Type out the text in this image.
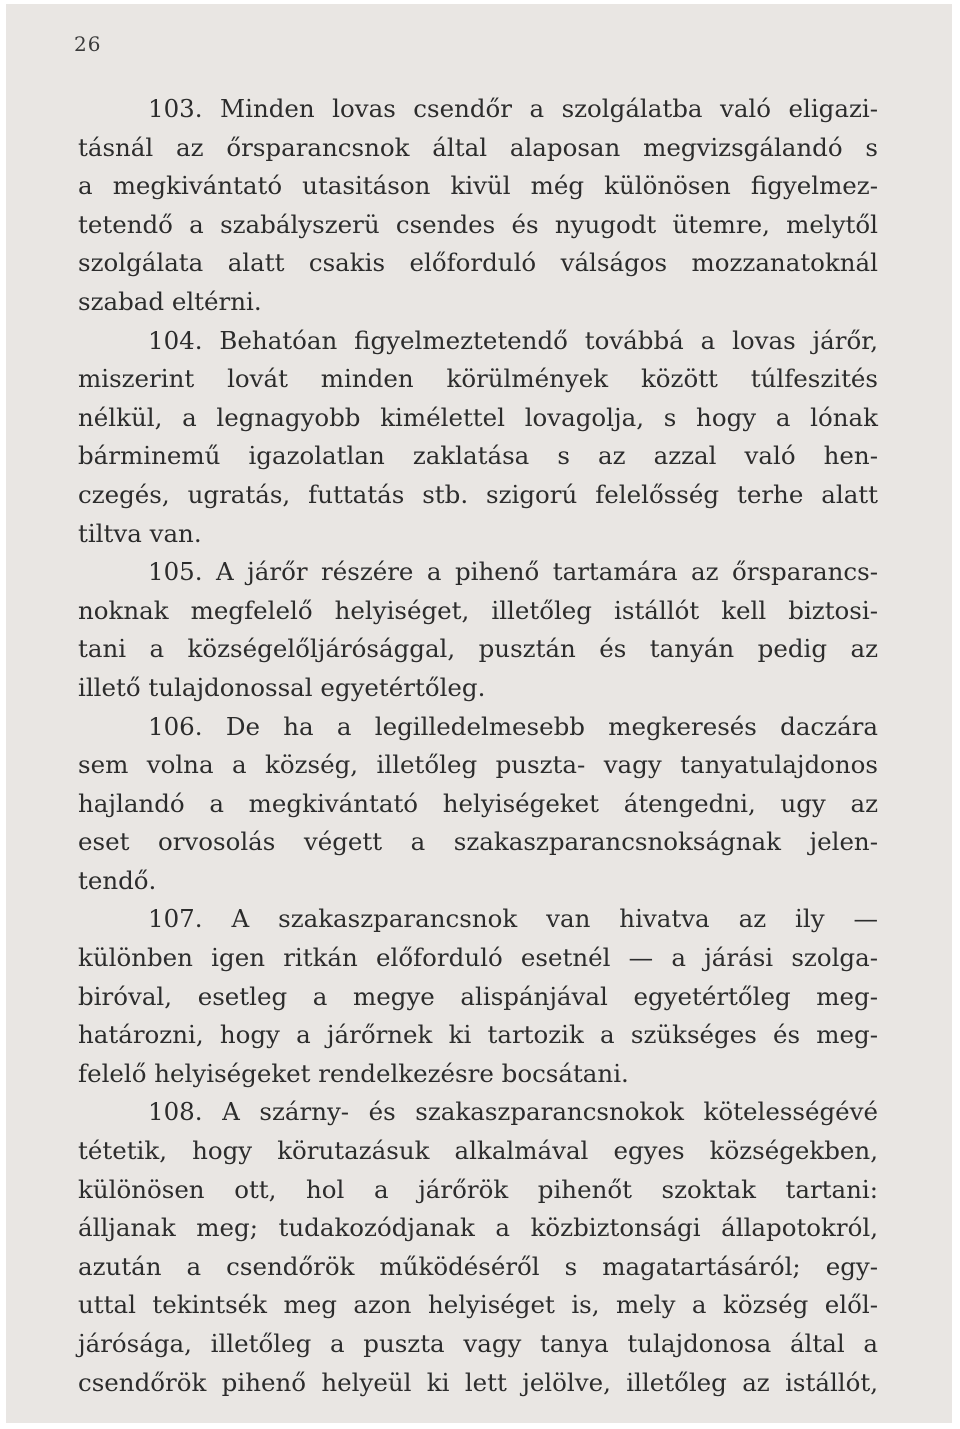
26
103. Minden lovas csendőr a szolgálatba való eligazi-
tásnál az őrsparancsnok által alaposan megvizsgálandó s
a megkivántató utasitáson kivül még különösen figyelmez-
tetendő a szabályszerü csendes és nyugodt ütemre, melytől
szolgálata alatt csakis előforduló válságos mozzanatoknál
szabad eltérni.
104. Behatóan figyelmeztetendő továbbá a lovas járőr,
miszerint lovát minden körülmények között túlfeszités
nélkül, a legnagyobb kimélettel lovagolja, s hogy a lónak
bárminemű igazolatlan zaklatása s az azzal való hen-
czegés, ugratás, futtatás stb. szigorú felelősség terhe alatt
tiltva van.
105. A járőr részére a pihenő tartamára az őrsparancs-
noknak megfelelő helyiséget, illetőleg istállót kell biztosi-
tani a községelőljárósággal, pusztán és tanyán pedig az
illető tulajdonossal egyetértőleg.
106. De ha a legilledelmesebb megkeresés daczára
sem volna a község, illetőleg puszta- vagy tanyatulajdonos
hajlandó a megkivántató helyiségeket átengedni, ugy az
eset orvosolás végett a szakaszparancsnokságnak jelen-
tendő.
107. A szakaszparancsnok van hivatva az ily —
különben igen ritkán előforduló esetnél — a járási szolga-
biróval, esetleg a megye alispánjával egyetértőleg meg-
határozni, hogy a járőrnek ki tartozik a szükséges és meg-
felelő helyiségeket rendelkezésre bocsátani.
108. A szárny- és szakaszparancsnokok kötelességévé
tétetik, hogy körutazásuk alkalmával egyes községekben,
különösen ott, hol a járőrök pihenőt szoktak tartani:
álljanak meg; tudakozódjanak a közbiztonsági állapotokról,
azután a csendőrök működéséről s magatartásáról; egy-
uttal tekintsék meg azon helyiséget is, mely a község elől-
járósága, illetőleg a puszta vagy tanya tulajdonosa által a
csendőrök pihenő helyeül ki lett jelölve, illetőleg az istállót,
